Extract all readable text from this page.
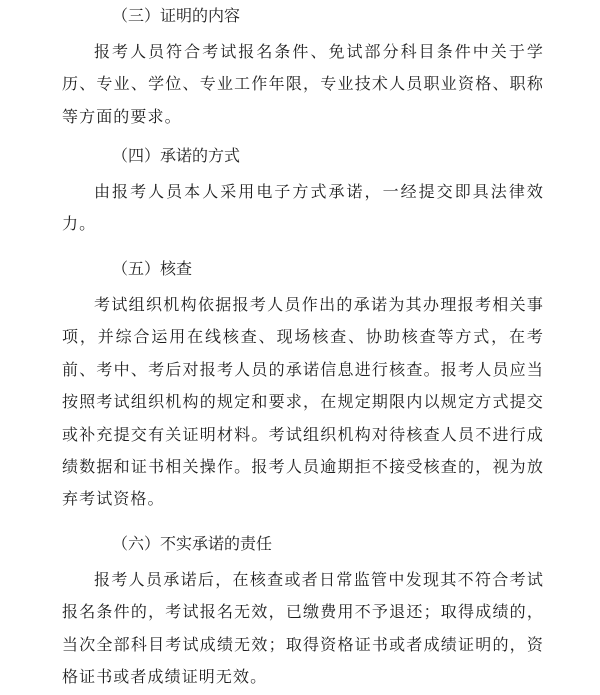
（三）证明的内容

报考人员符合考试报名条件、免试部分科目条件中关于学历、专业、学位、专业工作年限，专业技术人员职业资格、职称等方面的要求。

（四）承诺的方式

由报考人员本人采用电子方式承诺，一经提交即具法律效力。

（五）核查

考试组织机构依据报考人员作出的承诺为其办理报考相关事项，并综合运用在线核查、现场核查、协助核查等方式，在考前、考中、考后对报考人员的承诺信息进行核查。报考人员应当按照考试组织机构的规定和要求，在规定期限内以规定方式提交或补充提交有关证明材料。考试组织机构对待核查人员不进行成绩数据和证书相关操作。报考人员逾期拒不接受核查的，视为放弃考试资格。

（六）不实承诺的责任

报考人员承诺后，在核查或者日常监管中发现其不符合考试报名条件的，考试报名无效，已缴费用不予退还；取得成绩的，当次全部科目考试成绩无效；取得资格证书或者成绩证明的，资格证书或者成绩证明无效。
